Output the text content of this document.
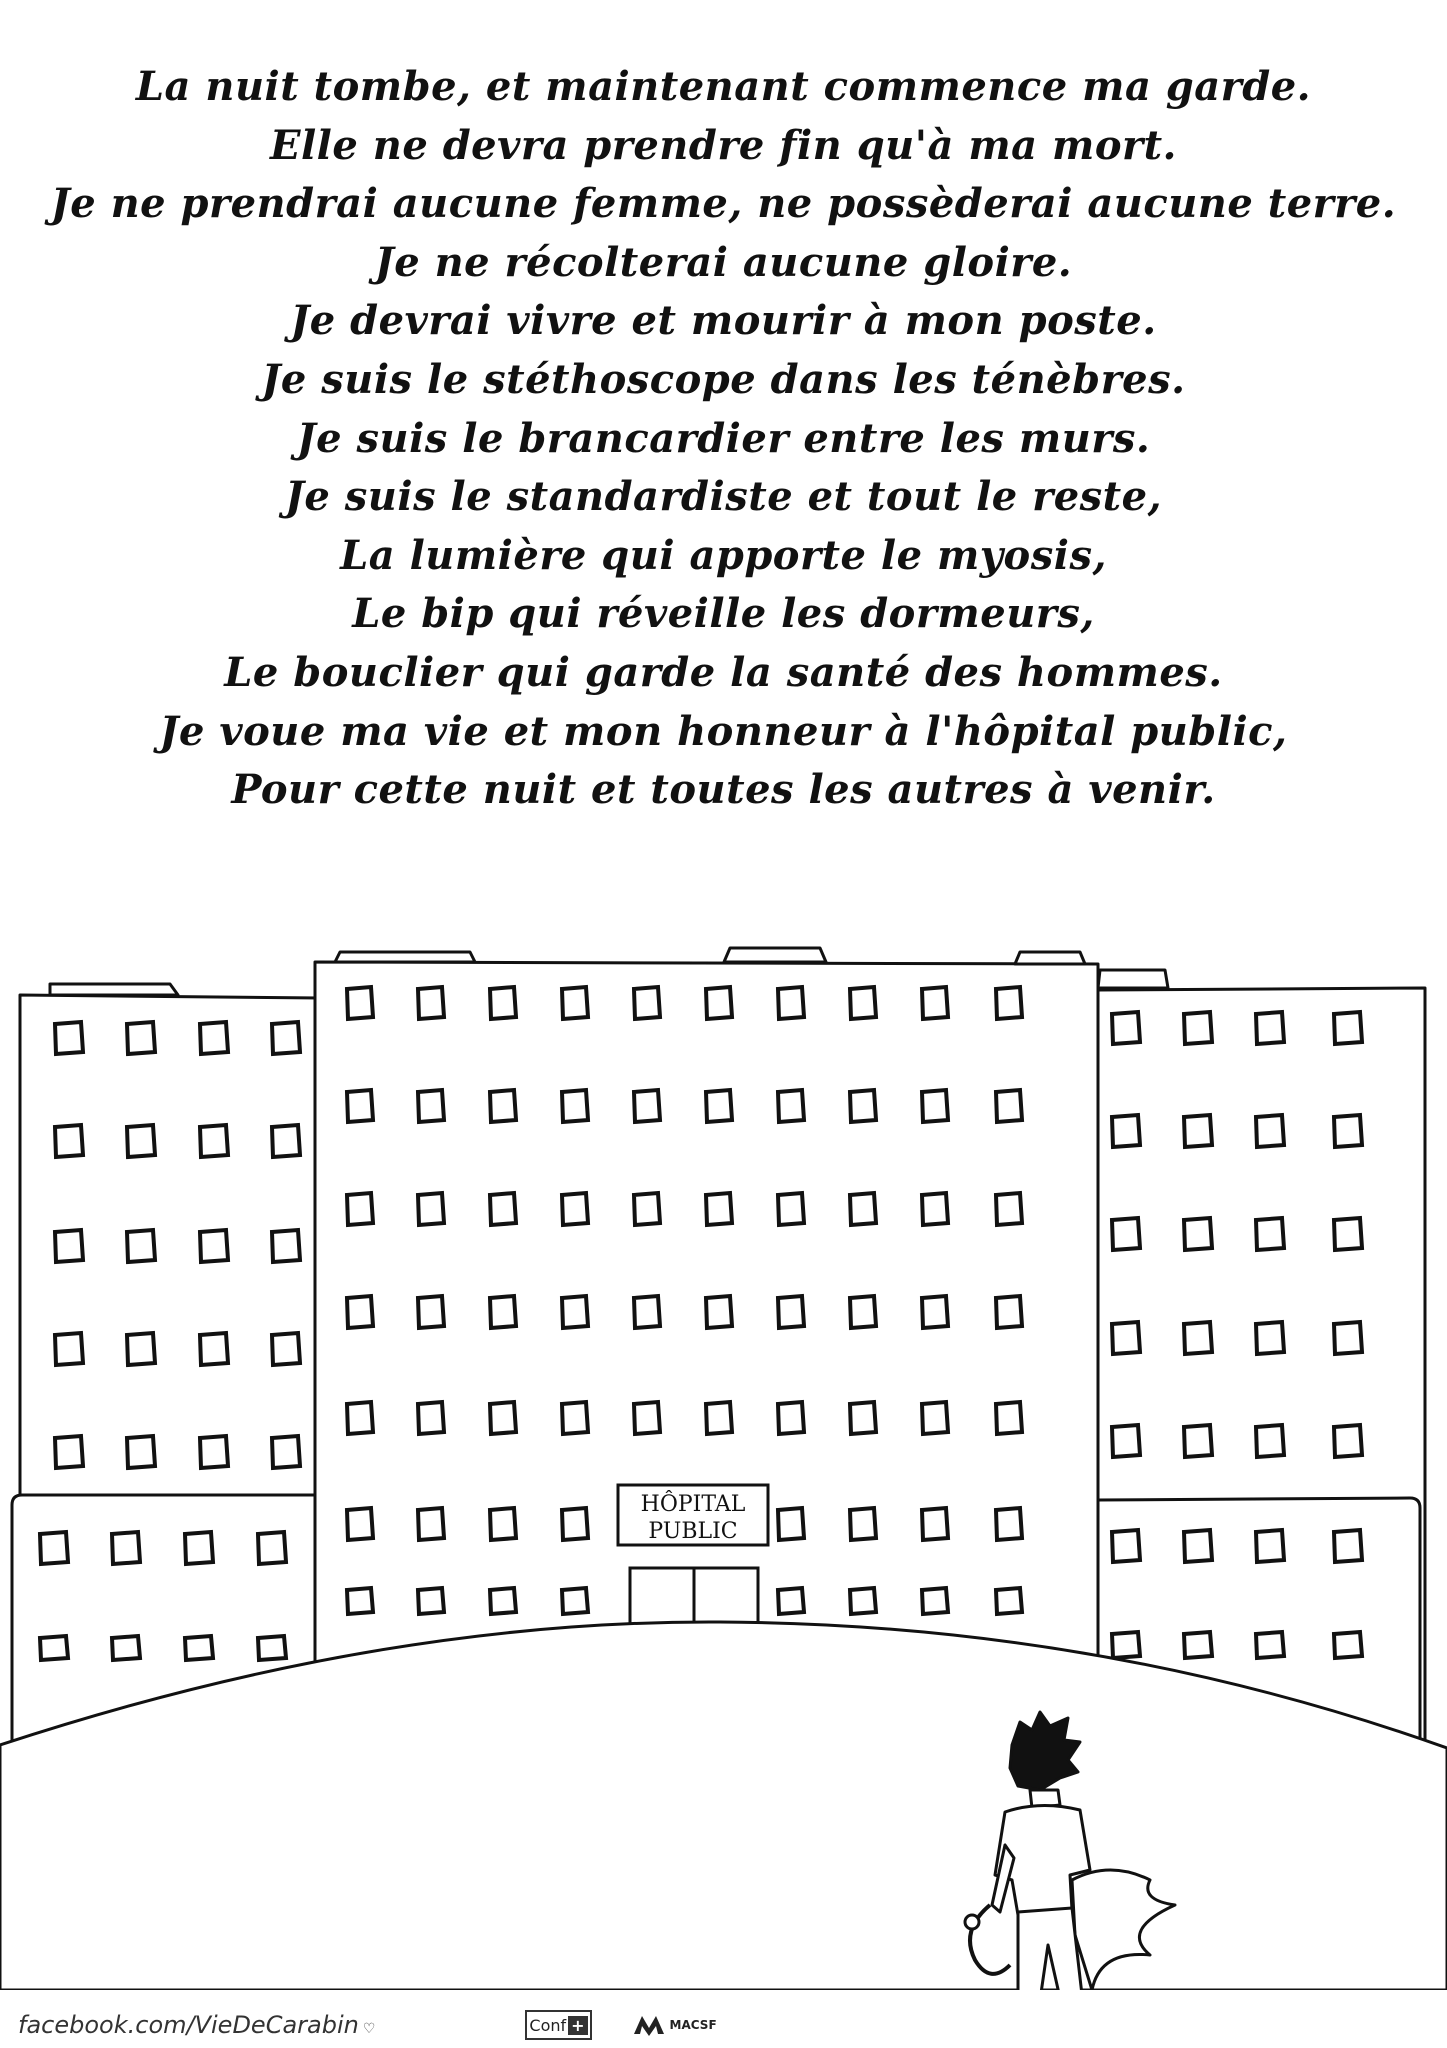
La nuit tombe, et maintenant commence ma garde.
Elle ne devra prendre fin qu'à ma mort.
Je ne prendrai aucune femme, ne possèderai aucune terre.
Je ne récolterai aucune gloire.
Je devrai vivre et mourir à mon poste.
Je suis le stéthoscope dans les ténèbres.
Je suis le brancardier entre les murs.
Je suis le standardiste et tout le reste,
La lumière qui apporte le myosis,
Le bip qui réveille les dormeurs,
Le bouclier qui garde la santé des hommes.
Je voue ma vie et mon honneur à l'hôpital public,
Pour cette nuit et toutes les autres à venir.
HÔPITAL
PUBLIC
facebook.com/VieDeCarabin ♡	Conf +	MACSF
